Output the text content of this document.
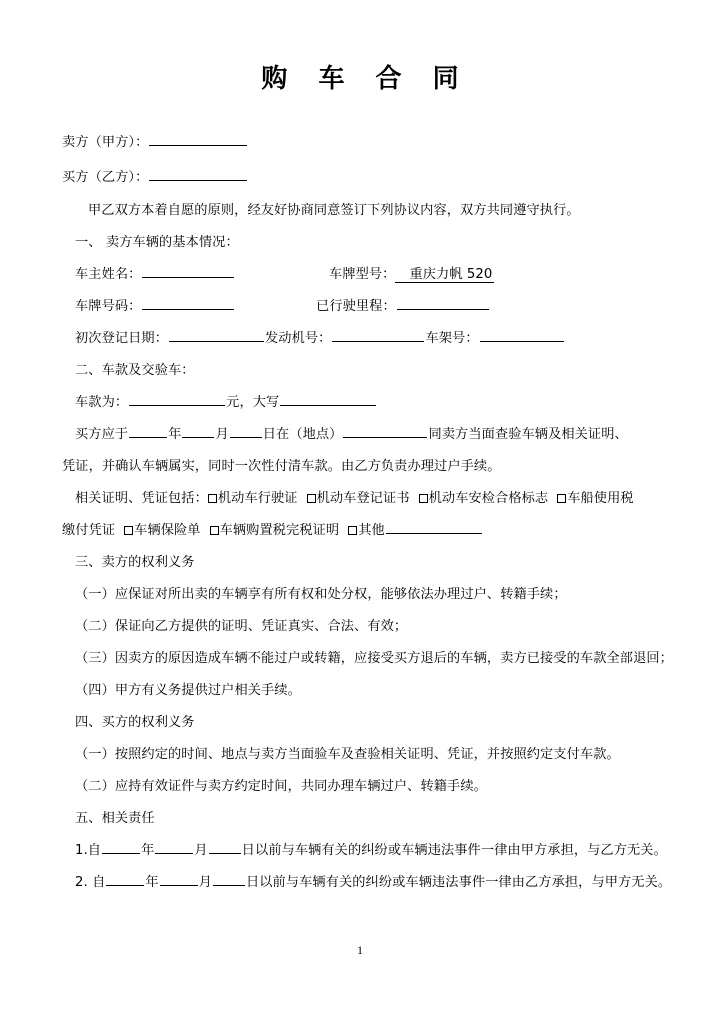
购 车 合 同
卖方（甲方）：
买方（乙方）：
甲乙双方本着自愿的原则，经友好协商同意签订下列协议内容，双方共同遵守执行。
一、 卖方车辆的基本情况：
车主姓名：	车牌型号： 重庆力帆 520
车牌号码：	已行驶里程：
初次登记日期：	发动机号：	车架号：
二、车款及交验车：
车款为：	元，大写
买方应于	年	月	日在（地点）	同卖方当面查验车辆及相关证明、
凭证，并确认车辆属实，同时一次性付清车款。由乙方负责办理过户手续。
相关证明、凭证包括： 机动车行驶证 机动车登记证书 机动车安检合格标志 车船使用税
缴付凭证 车辆保险单 车辆购置税完税证明 其他
三、卖方的权利义务
（一）应保证对所出卖的车辆享有所有权和处分权，能够依法办理过户、转籍手续；
（二）保证向乙方提供的证明、凭证真实、合法、有效；
（三）因卖方的原因造成车辆不能过户或转籍，应接受买方退后的车辆，卖方已接受的车款全部退回；
（四）甲方有义务提供过户相关手续。
四、买方的权利义务
（一）按照约定的时间、地点与卖方当面验车及查验相关证明、凭证，并按照约定支付车款。
（二）应持有效证件与卖方约定时间，共同办理车辆过户、转籍手续。
五、相关责任
1.自	年	月	日以前与车辆有关的纠纷或车辆违法事件一律由甲方承担，与乙方无关。
2. 自	年	月	日以前与车辆有关的纠纷或车辆违法事件一律由乙方承担，与甲方无关。
1
